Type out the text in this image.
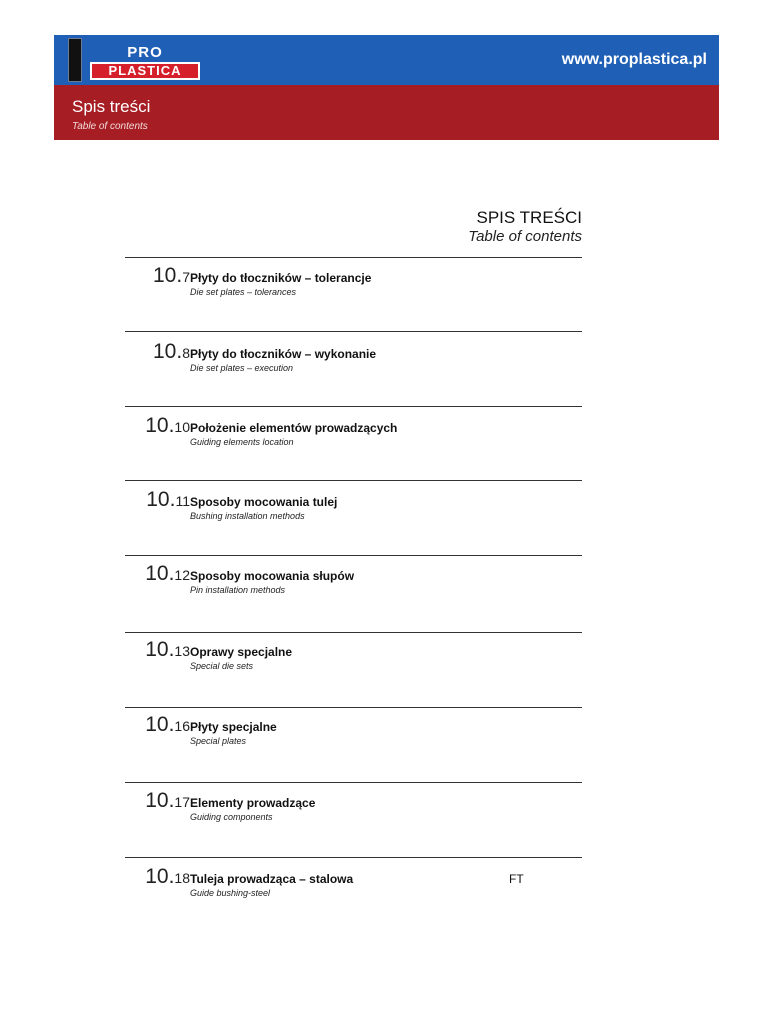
PRO
PLASTICA
www.proplastica.pl
Spis treści
Table of contents
SPIS TREŚCI
Table of contents
10.7 Płyty do tłoczników – tolerancje
Die set plates – tolerances
10.8 Płyty do tłoczników – wykonanie
Die set plates – execution
10.10 Położenie elementów prowadzących
Guiding elements location
10.11 Sposoby mocowania tulej
Bushing installation methods
10.12 Sposoby mocowania słupów
Pin installation methods
10.13 Oprawy specjalne
Special die sets
10.16 Płyty specjalne
Special plates
10.17 Elementy prowadzące
Guiding components
10.18 Tuleja prowadząca – stalowa
Guide bushing-steel
FT
